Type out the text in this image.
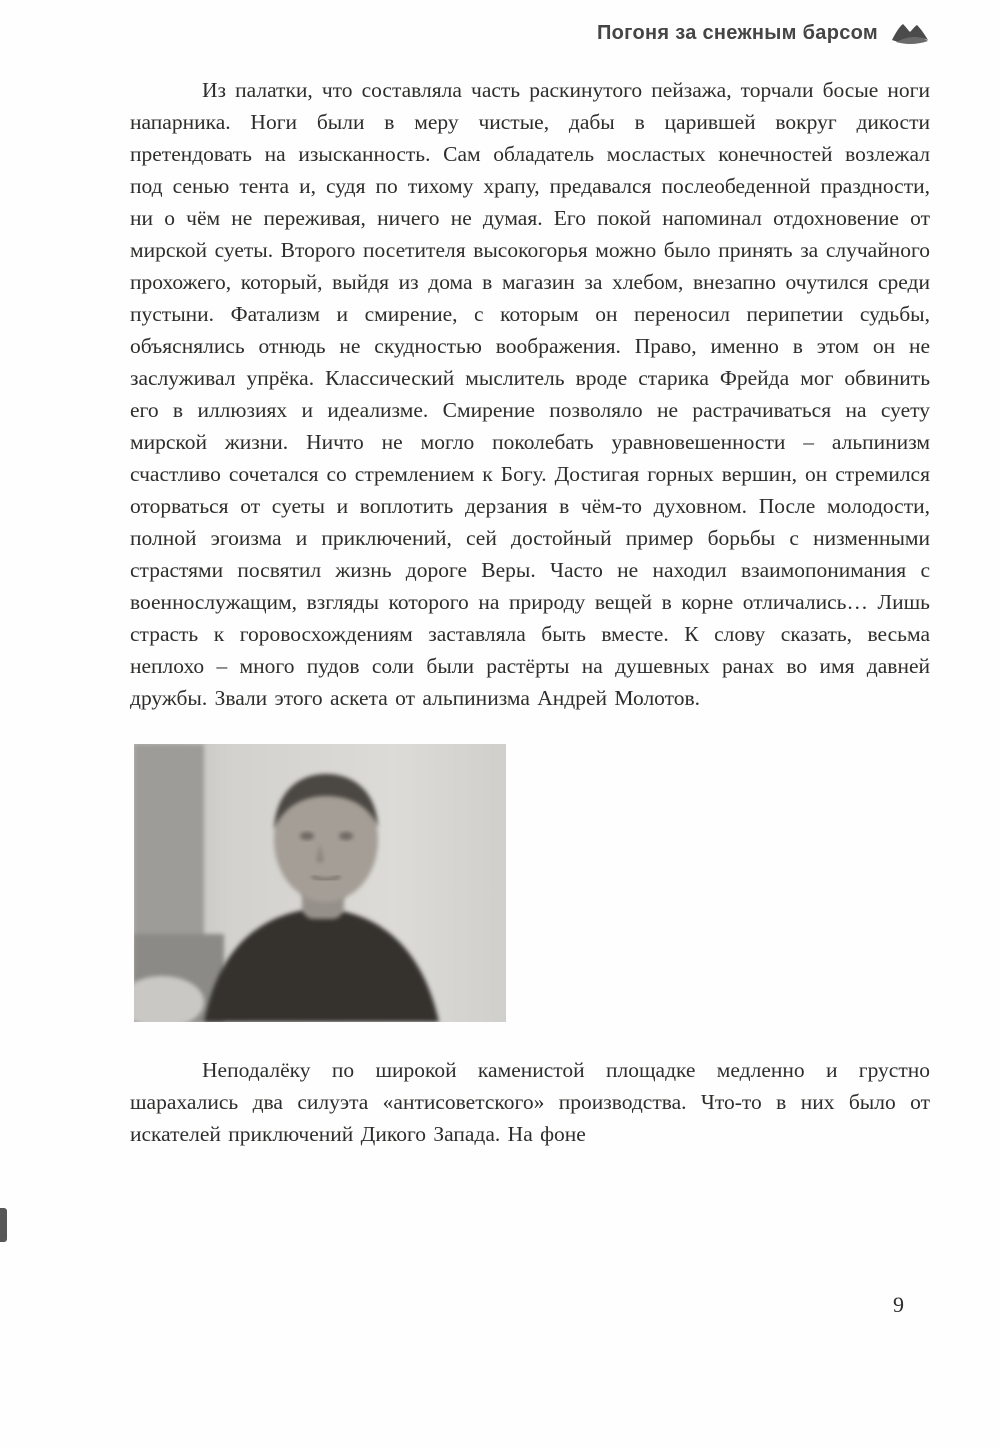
Погоня за снежным барсом

Из палатки, что составляла часть раскинутого пейзажа, торчали босые ноги напарника. Ноги были в меру чистые, дабы в царившей вокруг дикости претендовать на изысканность. Сам обладатель мосластых конечностей возлежал под сенью тента и, судя по тихому храпу, предавался послеобеденной праздности, ни о чём не переживая, ничего не думая. Его покой напоминал отдохновение от мирской суеты. Второго посетителя высокогорья можно было принять за случайного прохожего, который, выйдя из дома в магазин за хлебом, внезапно очутился среди пустыни. Фатализм и смирение, с которым он переносил перипетии судьбы, объяснялись отнюдь не скудностью воображения. Право, именно в этом он не заслуживал упрёка. Классический мыслитель вроде старика Фрейда мог обвинить его в иллюзиях и идеализме. Смирение позволяло не растрачиваться на суету мирской жизни. Ничто не могло поколебать уравновешенности – альпинизм счастливо сочетался со стремлением к Богу. Достигая горных вершин, он стремился оторваться от суеты и воплотить дерзания в чём-то духовном. После молодости, полной эгоизма и приключений, сей достойный пример борьбы с низменными страстями посвятил жизнь дороге Веры. Часто не находил взаимопонимания с военнослужащим, взгляды которого на природу вещей в корне отличались… Лишь страсть к горовосхождениям заставляла быть вместе. К слову сказать, весьма неплохо – много пудов соли были растёрты на душевных ранах во имя давней дружбы. Звали этого аскета от альпинизма Андрей Молотов.

Неподалёку по широкой каменистой площадке медленно и грустно шарахались два силуэта «антисоветского» производства. Что-то в них было от искателей приключений Дикого Запада. На фоне

9
